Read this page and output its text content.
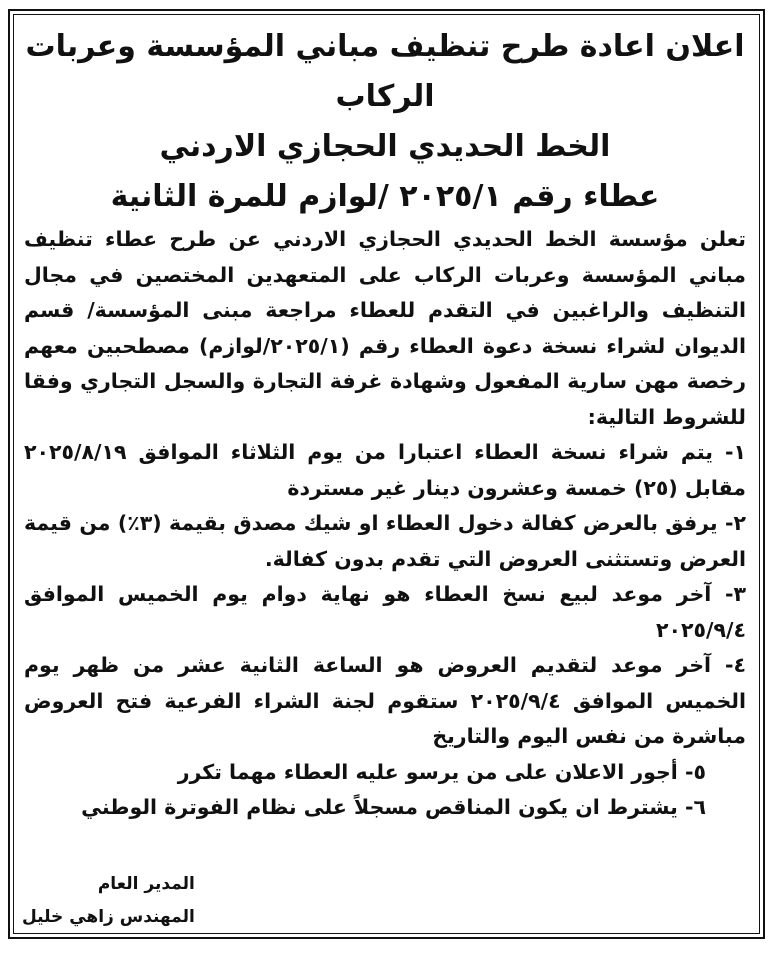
اعلان اعادة طرح تنظيف مباني المؤسسة وعربات الركاب
الخط الحديدي الحجازي الاردني
عطاء رقم ٢٠٢٥/١ /لوازم للمرة الثانية

تعلن مؤسسة الخط الحديدي الحجازي الاردني عن طرح عطاء تنظيف مباني المؤسسة وعربات الركاب على المتعهدين المختصين في مجال التنظيف والراغبين في التقدم للعطاء مراجعة مبنى المؤسسة/ قسم الديوان لشراء نسخة دعوة العطاء رقم (٢٠٢٥/١/لوازم) مصطحبين معهم رخصة مهن سارية المفعول وشهادة غرفة التجارة والسجل التجاري وفقا للشروط التالية:

١- يتم شراء نسخة العطاء اعتبارا من يوم الثلاثاء الموافق ٢٠٢٥/٨/١٩ مقابل (٢٥) خمسة وعشرون دينار غير مستردة

٢- يرفق بالعرض كفالة دخول العطاء او شيك مصدق بقيمة (٣٪) من قيمة العرض وتستثنى العروض التي تقدم بدون كفالة.

٣- آخر موعد لبيع نسخ العطاء هو نهاية دوام يوم الخميس الموافق ٢٠٢٥/٩/٤

٤- آخر موعد لتقديم العروض هو الساعة الثانية عشر من ظهر يوم الخميس الموافق ٢٠٢٥/٩/٤ ستقوم لجنة الشراء الفرعية فتح العروض مباشرة من نفس اليوم والتاريخ

٥- أجور الاعلان على من يرسو عليه العطاء مهما تكرر

٦- يشترط ان يكون المناقص مسجلاً على نظام الفوترة الوطني

المدير العام
المهندس زاهي خليل
